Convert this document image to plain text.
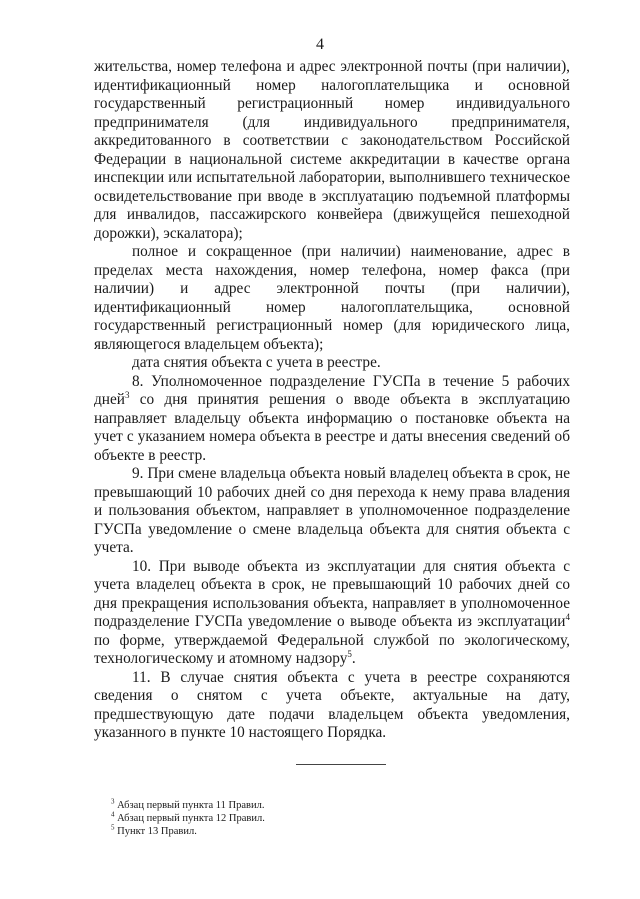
4

жительства, номер телефона и адрес электронной почты (при наличии), идентификационный номер налогоплательщика и основной государственный регистрационный номер индивидуального предпринимателя (для индивидуального предпринимателя, аккредитованного в соответствии с законодательством Российской Федерации в национальной системе аккредитации в качестве органа инспекции или испытательной лаборатории, выполнившего техническое освидетельствование при вводе в эксплуатацию подъемной платформы для инвалидов, пассажирского конвейера (движущейся пешеходной дорожки), эскалатора);

полное и сокращенное (при наличии) наименование, адрес в пределах места нахождения, номер телефона, номер факса (при наличии) и адрес электронной почты (при наличии), идентификационный номер налогоплательщика, основной государственный регистрационный номер (для юридического лица, являющегося владельцем объекта);

дата снятия объекта с учета в реестре.

8. Уполномоченное подразделение ГУСПа в течение 5 рабочих дней$^3$ со дня принятия решения о вводе объекта в эксплуатацию направляет владельцу объекта информацию о постановке объекта на учет с указанием номера объекта в реестре и даты внесения сведений об объекте в реестр.

9. При смене владельца объекта новый владелец объекта в срок, не превышающий 10 рабочих дней со дня перехода к нему права владения и пользования объектом, направляет в уполномоченное подразделение ГУСПа уведомление о смене владельца объекта для снятия объекта с учета.

10. При выводе объекта из эксплуатации для снятия объекта с учета владелец объекта в срок, не превышающий 10 рабочих дней со дня прекращения использования объекта, направляет в уполномоченное подразделение ГУСПа уведомление о выводе объекта из эксплуатации$^4$ по форме, утверждаемой Федеральной службой по экологическому, технологическому и атомному надзору$^5$.

11. В случае снятия объекта с учета в реестре сохраняются сведения о снятом с учета объекте, актуальные на дату, предшествующую дате подачи владельцем объекта уведомления, указанного в пункте 10 настоящего Порядка.

$^3$ Абзац первый пункта 11 Правил.
$^4$ Абзац первый пункта 12 Правил.
$^5$ Пункт 13 Правил.
